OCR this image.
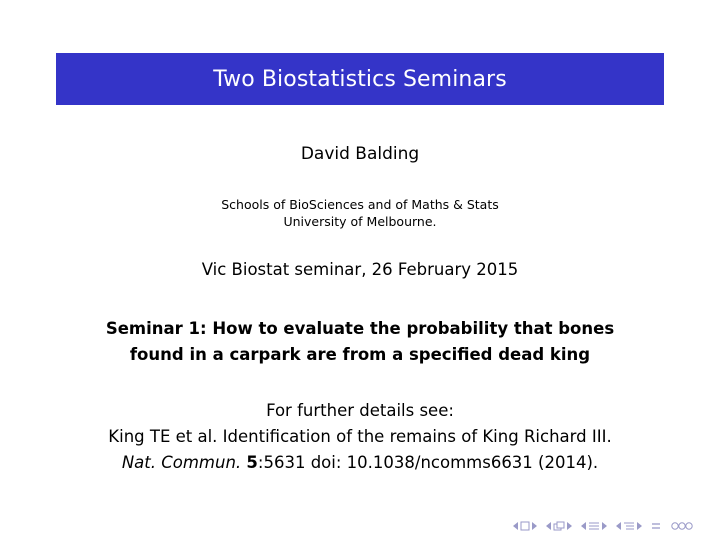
Two Biostatistics Seminars
David Balding
Schools of BioSciences and of Maths & Stats
University of Melbourne.
Vic Biostat seminar, 26 February 2015
Seminar 1: How to evaluate the probability that bones
found in a carpark are from a specified dead king
For further details see:
King TE et al. Identification of the remains of King Richard III.
Nat. Commun. 5:5631 doi: 10.1038/ncomms6631 (2014).
